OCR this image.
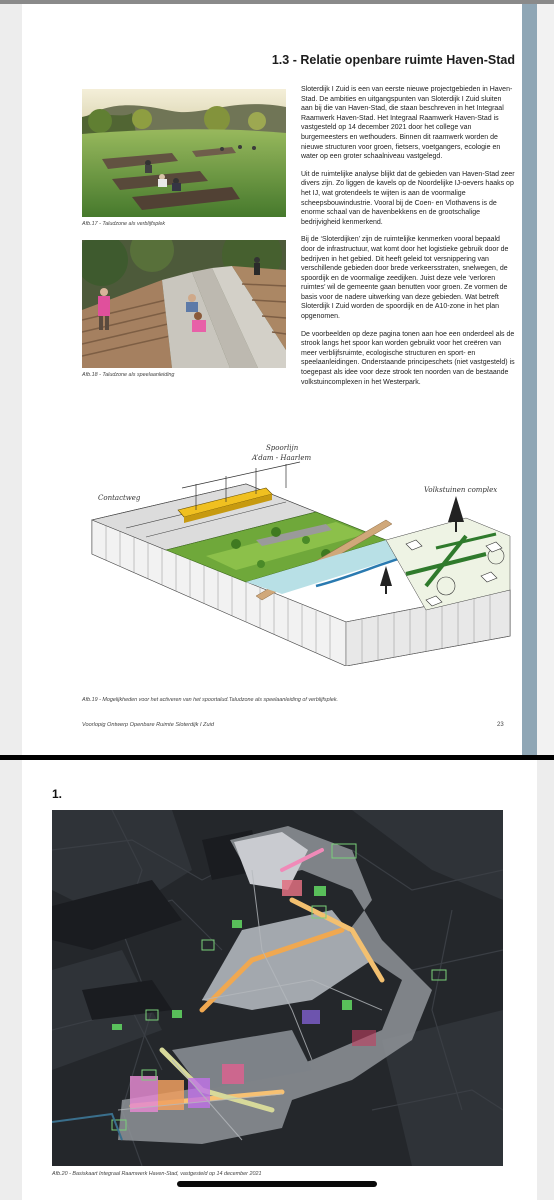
1.3 - Relatie openbare ruimte Haven-Stad
Afb.17 - Taludzone als verblijfsplek
Afb.18 - Taludzone als speelaanleiding

Sloterdijk I Zuid is een van eerste nieuwe projectgebieden in Haven-Stad. De ambities en uitgangspunten van Sloterdijk I Zuid sluiten aan bij die van Haven-Stad, die staan beschreven in het Integraal Raamwerk Haven-Stad. Het Integraal Raamwerk Haven-Stad is vastgesteld op 14 december 2021 door het college van burgemeesters en wethouders. Binnen dit raamwerk worden de nieuwe structuren voor groen, fietsers, voetgangers, ecologie en water op een groter schaalniveau vastgelegd.

Uit de ruimtelijke analyse blijkt dat de gebieden van Haven-Stad zeer divers zijn. Zo liggen de kavels op de Noordelijke IJ-oevers haaks op het IJ, wat grotendeels te wijten is aan de voormalige scheepsbouwindustrie. Vooral bij de Coen- en Vlothavens is de enorme schaal van de havenbekkens en de grootschalige bedrijvigheid kenmerkend.

Bij de ‘Sloterdijken’ zijn de ruimtelijke kenmerken vooral bepaald door de infrastructuur, wat komt door het logistieke gebruik door de bedrijven in het gebied. Dit heeft geleid tot versnippering van verschillende gebieden door brede verkeersstraten, snelwegen, de spoordijk en de voormalige zeedijken. Juist deze vele ‘verloren ruimtes’ wil de gemeente gaan benutten voor groen. Ze vormen de basis voor de nadere uitwerking van deze gebieden. Wat betreft Sloterdijk I Zuid worden de spoordijk en de A10-zone in het plan opgenomen.

De voorbeelden op deze pagina tonen aan hoe een onderdeel als de strook langs het spoor kan worden gebruikt voor het creëren van meer verblijfsruimte, ecologische structuren en sport- en speelaanleidingen. Onderstaande principeschets (niet vastgesteld) is toegepast als idee voor deze strook ten noorden van de bestaande volkstuincomplexen in het Westerpark.

Spoorlijn
A’dam - Haarlem
Contactweg
Volkstuinen complex
Afb.19 - Mogelijkheden voor het activeren van het spoortalud.Taludzone als speelaanleiding of verblijfsplek.
Voorlopig Ontwerp Openbare Ruimte Sloterdijk I Zuid	23
1.
Afb.20 - Basiskaart Integraal Raamwerk Haven-Stad, vastgesteld op 14 december 2021
